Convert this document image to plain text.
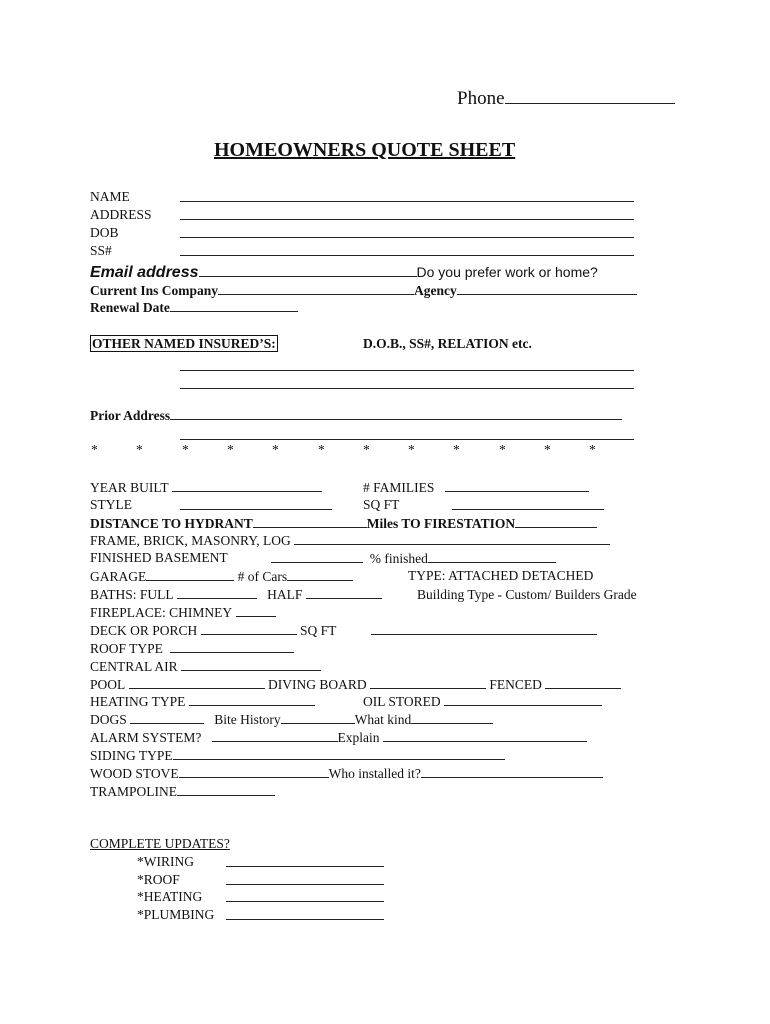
Phone
HOMEOWNERS QUOTE SHEET
NAME
ADDRESS
DOB
SS#
Email address	Do you prefer work or home?
Current Ins Company	Agency
Renewal Date
OTHER NAMED INSURED’S:	D.O.B., SS#, RELATION etc.
Prior Address
*	*	*	*	*	*	*	*	*	*	*	*
YEAR BUILT	# FAMILIES
STYLE	SQ FT
DISTANCE TO HYDRANT	Miles TO FIRESTATION
FRAME, BRICK, MASONRY, LOG
FINISHED BASEMENT	% finished
GARAGE	# of Cars	TYPE: ATTACHED DETACHED
BATHS: FULL	HALF	Building Type - Custom/ Builders Grade
FIREPLACE: CHIMNEY
DECK OR PORCH	SQ FT
ROOF TYPE
CENTRAL AIR
POOL	DIVING BOARD	FENCED
HEATING TYPE	OIL STORED
DOGS	Bite History	What kind
ALARM SYSTEM?	Explain
SIDING TYPE
WOOD STOVE	Who installed it?
TRAMPOLINE
COMPLETE UPDATES?
*WIRING
*ROOF
*HEATING
*PLUMBING
